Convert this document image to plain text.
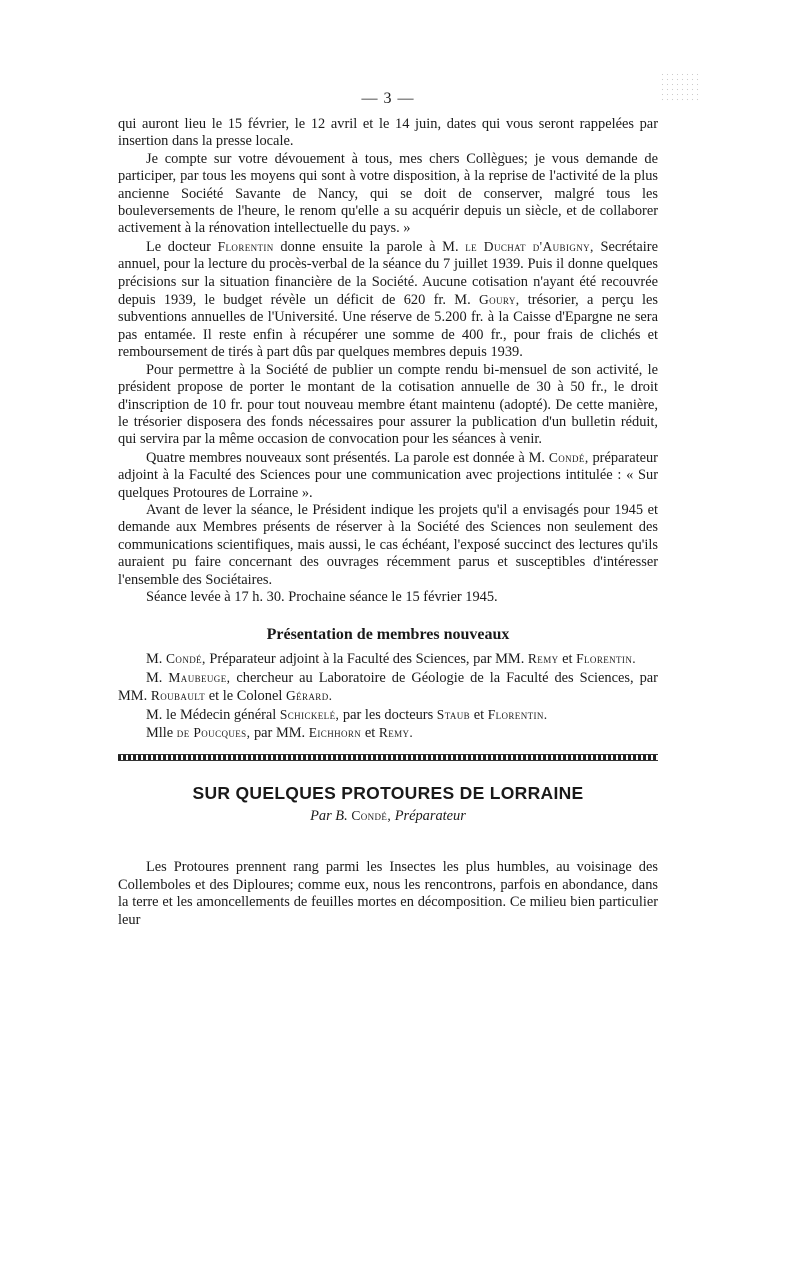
— 3 —

qui auront lieu le 15 février, le 12 avril et le 14 juin, dates qui vous seront rappelées par insertion dans la presse locale.

Je compte sur votre dévouement à tous, mes chers Collègues; je vous demande de participer, par tous les moyens qui sont à votre disposition, à la reprise de l'activité de la plus ancienne Société Savante de Nancy, qui se doit de conserver, malgré tous les bouleversements de l'heure, le renom qu'elle a su acquérir depuis un siècle, et de collaborer activement à la rénovation intellectuelle du pays. »

Le docteur Florentin donne ensuite la parole à M. le Duchat d'Aubigny, Secrétaire annuel, pour la lecture du procès-verbal de la séance du 7 juillet 1939. Puis il donne quelques précisions sur la situation financière de la Société. Aucune cotisation n'ayant été recouvrée depuis 1939, le budget révèle un déficit de 620 fr. M. Goury, trésorier, a perçu les subventions annuelles de l'Université. Une réserve de 5.200 fr. à la Caisse d'Epargne ne sera pas entamée. Il reste enfin à récupérer une somme de 400 fr., pour frais de clichés et remboursement de tirés à part dûs par quelques membres depuis 1939.

Pour permettre à la Société de publier un compte rendu bi-mensuel de son activité, le président propose de porter le montant de la cotisation annuelle de 30 à 50 fr., le droit d'inscription de 10 fr. pour tout nouveau membre étant maintenu (adopté). De cette manière, le trésorier disposera des fonds nécessaires pour assurer la publication d'un bulletin réduit, qui servira par la même occasion de convocation pour les séances à venir.

Quatre membres nouveaux sont présentés. La parole est donnée à M. Condé, préparateur adjoint à la Faculté des Sciences pour une communication avec projections intitulée : « Sur quelques Protoures de Lorraine ».

Avant de lever la séance, le Président indique les projets qu'il a envisagés pour 1945 et demande aux Membres présents de réserver à la Société des Sciences non seulement des communications scientifiques, mais aussi, le cas échéant, l'exposé succinct des lectures qu'ils auraient pu faire concernant des ouvrages récemment parus et susceptibles d'intéresser l'ensemble des Sociétaires.

Séance levée à 17 h. 30. Prochaine séance le 15 février 1945.

Présentation de membres nouveaux

M. Condé, Préparateur adjoint à la Faculté des Sciences, par MM. Remy et Florentin.

M. Maubeuge, chercheur au Laboratoire de Géologie de la Faculté des Sciences, par MM. Roubault et le Colonel Gérard.

M. le Médecin général Schickelé, par les docteurs Staub et Florentin.

Mlle de Poucques, par MM. Eichhorn et Remy.

SUR QUELQUES PROTOURES DE LORRAINE
Par B. Condé, Préparateur

Les Protoures prennent rang parmi les Insectes les plus humbles, au voisinage des Collemboles et des Diploures; comme eux, nous les rencontrons, parfois en abondance, dans la terre et les amoncellements de feuilles mortes en décomposition. Ce milieu bien particulier leur
